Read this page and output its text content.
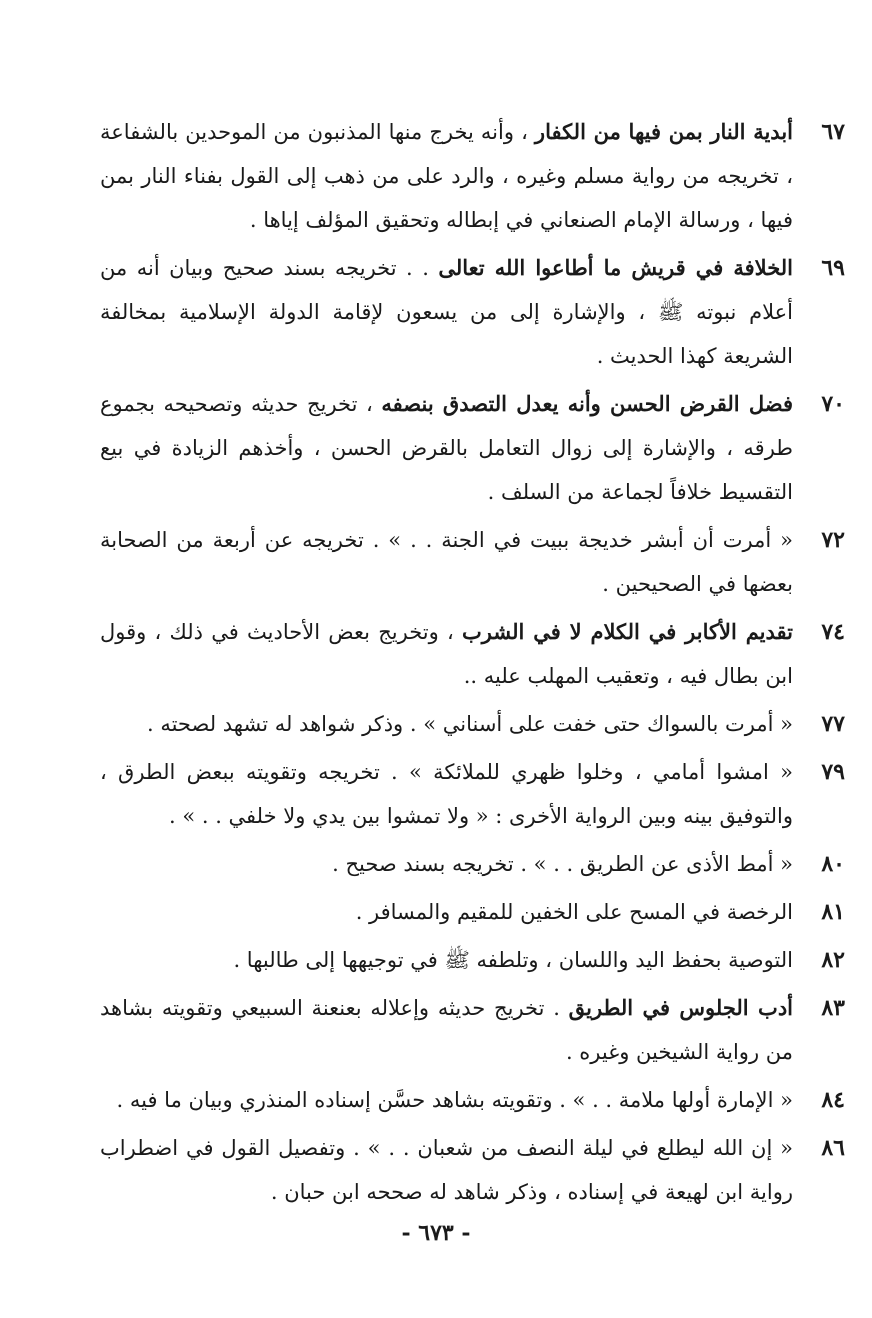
٦٧
أبدية النار بمن فيها من الكفار ، وأنه يخرج منها المذنبون من الموحدين بالشفاعة ، تخريجه من رواية مسلم وغيره ، والرد على من ذهب إلى القول بفناء النار بمن فيها ، ورسالة الإمام الصنعاني في إبطاله وتحقيق المؤلف إياها .
٦٩
الخلافة في قريش ما أطاعوا الله تعالى . . تخريجه بسند صحيح وبيان أنه من أعلام نبوته ﷺ ، والإشارة إلى من يسعون لإقامة الدولة الإسلامية بمخالفة الشريعة كهذا الحديث .
٧٠
فضل القرض الحسن وأنه يعدل التصدق بنصفه ، تخريج حديثه وتصحيحه بجموع طرقه ، والإشارة إلى زوال التعامل بالقرض الحسن ، وأخذهم الزيادة في بيع التقسيط خلافاً لجماعة من السلف .
٧٢
« أمرت أن أبشر خديجة ببيت في الجنة . . » . تخريجه عن أربعة من الصحابة بعضها في الصحيحين .
٧٤
تقديم الأكابر في الكلام لا في الشرب ، وتخريج بعض الأحاديث في ذلك ، وقول ابن بطال فيه ، وتعقيب المهلب عليه ..
٧٧
« أمرت بالسواك حتى خفت على أسناني » . وذكر شواهد له تشهد لصحته .
٧٩
« امشوا أمامي ، وخلوا ظهري للملائكة » . تخريجه وتقويته ببعض الطرق ، والتوفيق بينه وبين الرواية الأخرى : « ولا تمشوا بين يدي ولا خلفي . . » .
٨٠
« أمط الأذى عن الطريق . . » . تخريجه بسند صحيح .
٨١
الرخصة في المسح على الخفين للمقيم والمسافر .
٨٢
التوصية بحفظ اليد واللسان ، وتلطفه ﷺ في توجيهها إلى طالبها .
٨٣
أدب الجلوس في الطريق . تخريج حديثه وإعلاله بعنعنة السبيعي وتقويته بشاهد من رواية الشيخين وغيره .
٨٤
« الإمارة أولها ملامة . . » . وتقويته بشاهد حسَّن إسناده المنذري وبيان ما فيه .
٨٦
« إن الله ليطلع في ليلة النصف من شعبان . . » . وتفصيل القول في اضطراب رواية ابن لهيعة في إسناده ، وذكر شاهد له صححه ابن حبان .
- ٦٧٣ -
